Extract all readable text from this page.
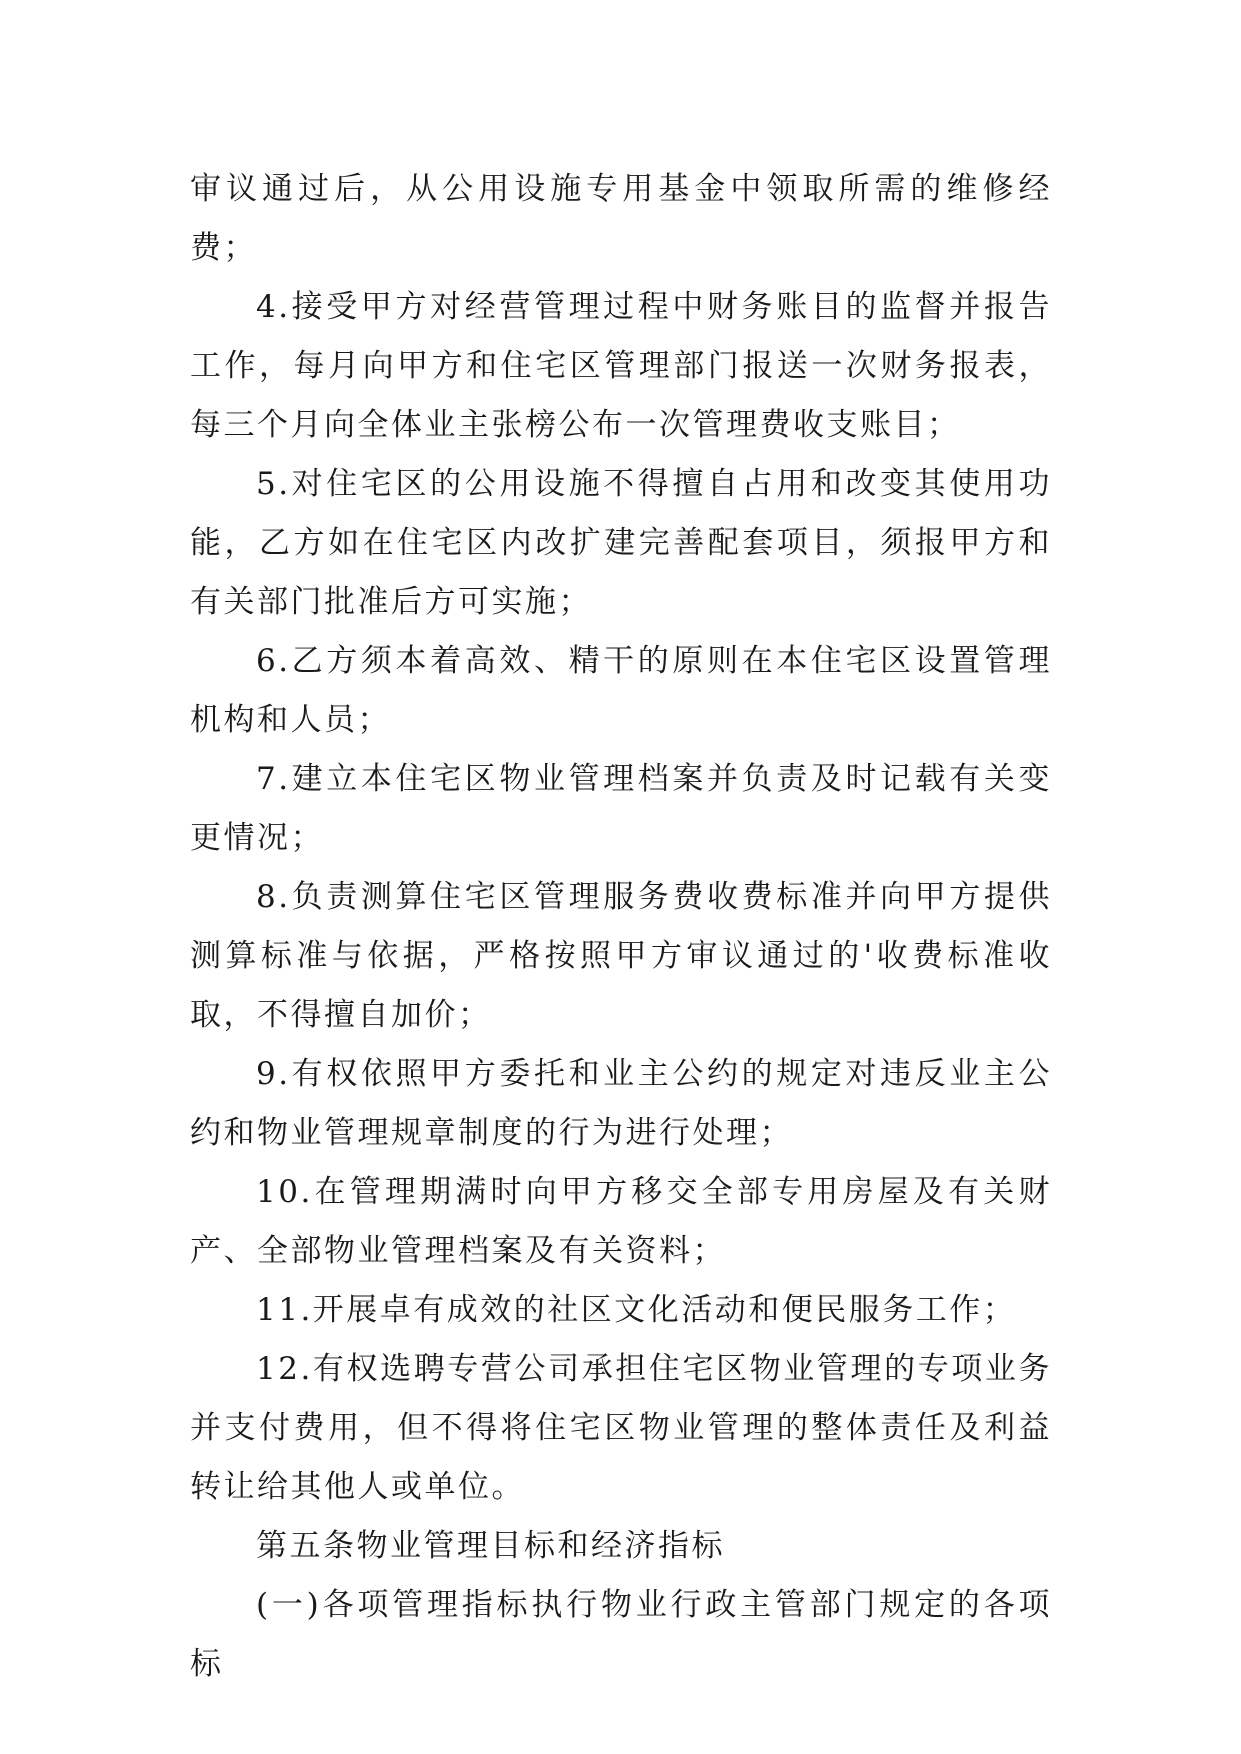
审议通过后，从公用设施专用基金中领取所需的维修经费；

4.接受甲方对经营管理过程中财务账目的监督并报告工作，每月向甲方和住宅区管理部门报送一次财务报表，每三个月向全体业主张榜公布一次管理费收支账目；

5.对住宅区的公用设施不得擅自占用和改变其使用功能，乙方如在住宅区内改扩建完善配套项目，须报甲方和有关部门批准后方可实施；

6.乙方须本着高效、精干的原则在本住宅区设置管理机构和人员；

7.建立本住宅区物业管理档案并负责及时记载有关变更情况；

8.负责测算住宅区管理服务费收费标准并向甲方提供测算标准与依据，严格按照甲方审议通过的'收费标准收取，不得擅自加价；

9.有权依照甲方委托和业主公约的规定对违反业主公约和物业管理规章制度的行为进行处理；

10.在管理期满时向甲方移交全部专用房屋及有关财产、全部物业管理档案及有关资料；

11.开展卓有成效的社区文化活动和便民服务工作；

12.有权选聘专营公司承担住宅区物业管理的专项业务并支付费用，但不得将住宅区物业管理的整体责任及利益转让给其他人或单位。

第五条物业管理目标和经济指标

(一)各项管理指标执行物业行政主管部门规定的各项标
